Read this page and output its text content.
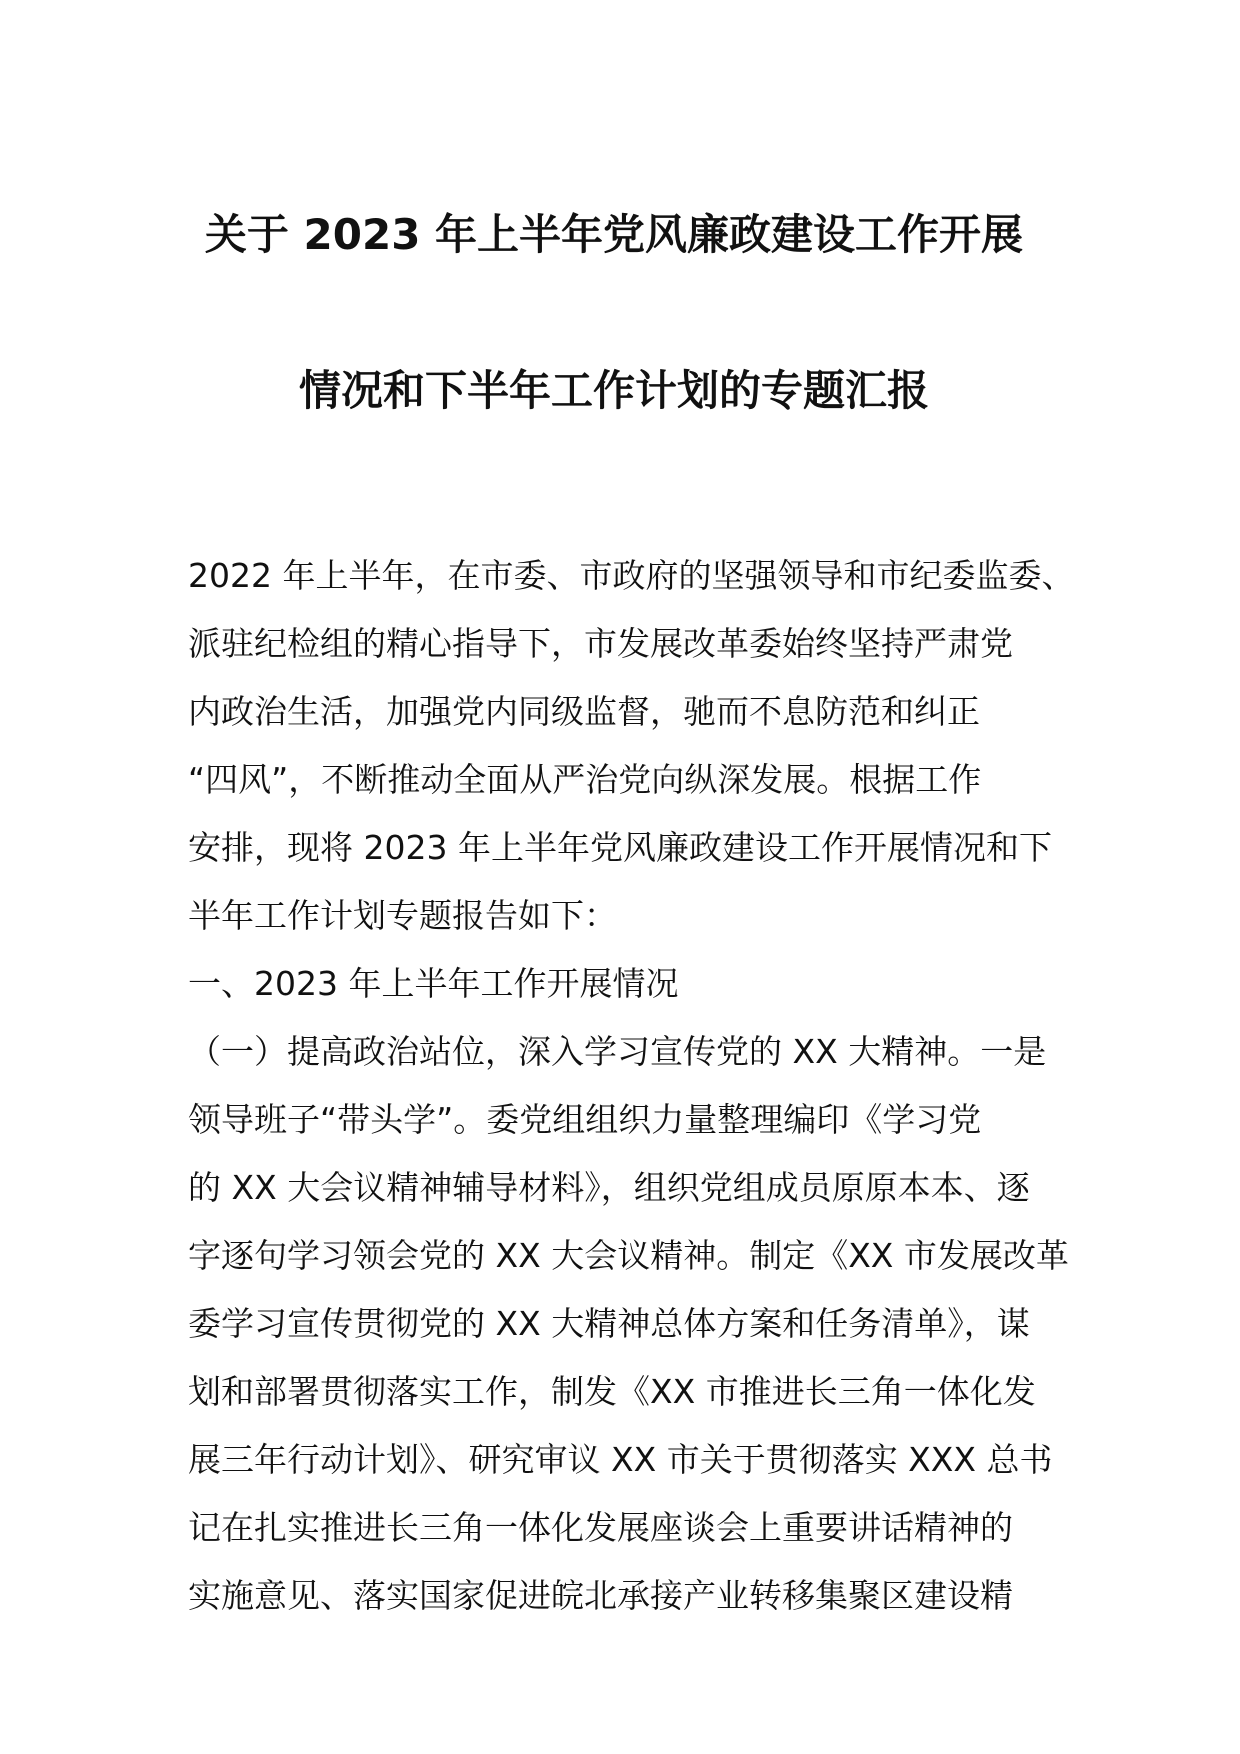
关于 2023 年上半年党风廉政建设工作开展
情况和下半年工作计划的专题汇报
2022 年上半年，在市委、市政府的坚强领导和市纪委监委、
派驻纪检组的精心指导下，市发展改革委始终坚持严肃党
内政治生活，加强党内同级监督，驰而不息防范和纠正
“四风”，不断推动全面从严治党向纵深发展。根据工作
安排，现将 2023 年上半年党风廉政建设工作开展情况和下
半年工作计划专题报告如下：
一、2023 年上半年工作开展情况
（一）提高政治站位，深入学习宣传党的 XX 大精神。一是
领导班子“带头学”。委党组组织力量整理编印《学习党
的 XX 大会议精神辅导材料》，组织党组成员原原本本、逐
字逐句学习领会党的 XX 大会议精神。制定《XX 市发展改革
委学习宣传贯彻党的 XX 大精神总体方案和任务清单》，谋
划和部署贯彻落实工作，制发《XX 市推进长三角一体化发
展三年行动计划》、研究审议 XX 市关于贯彻落实 XXX 总书
记在扎实推进长三角一体化发展座谈会上重要讲话精神的
实施意见、落实国家促进皖北承接产业转移集聚区建设精
